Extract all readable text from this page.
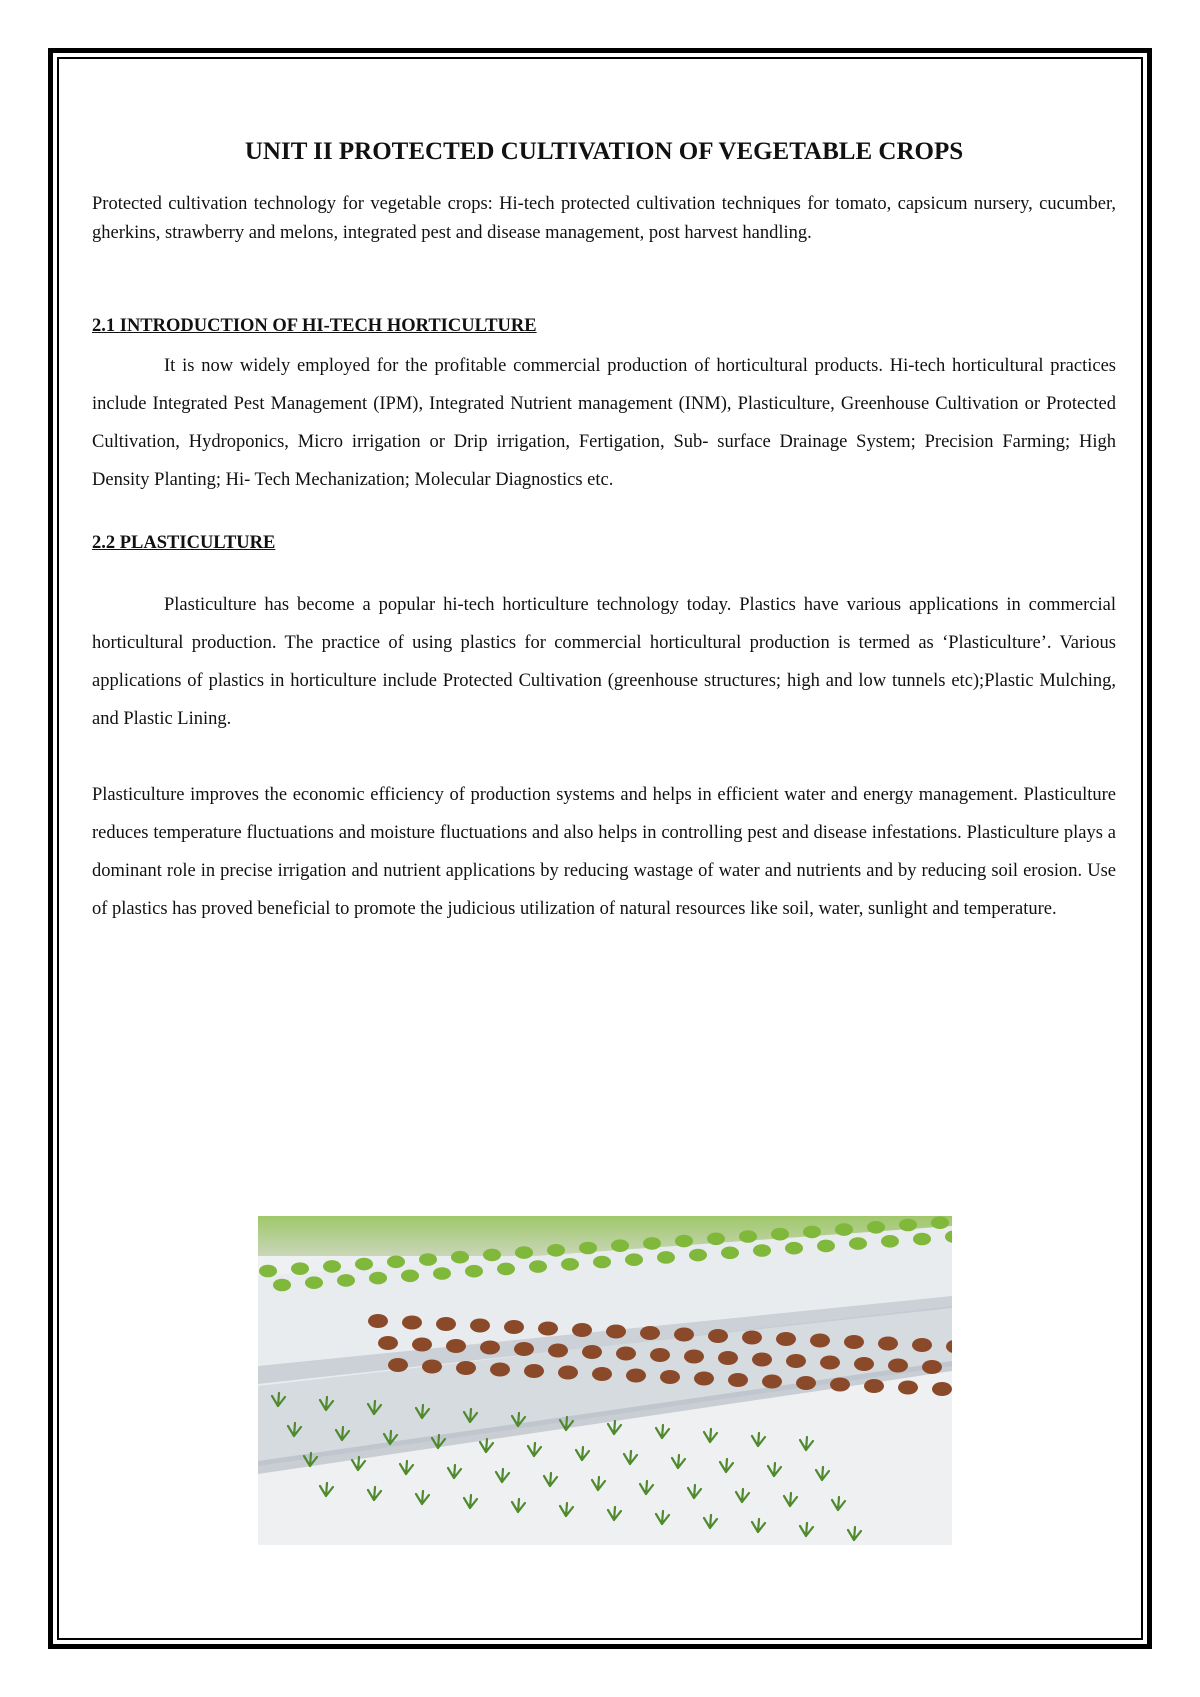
UNIT II PROTECTED CULTIVATION OF VEGETABLE CROPS

Protected cultivation technology for vegetable crops: Hi-tech protected cultivation techniques for tomato, capsicum nursery, cucumber, gherkins, strawberry and melons, integrated pest and disease management, post harvest handling.

2.1 INTRODUCTION OF HI-TECH HORTICULTURE

It is now widely employed for the profitable commercial production of horticultural products. Hi-tech horticultural practices include Integrated Pest Management (IPM), Integrated Nutrient management (INM), Plasticulture, Greenhouse Cultivation or Protected Cultivation, Hydroponics, Micro irrigation or Drip irrigation, Fertigation, Sub- surface Drainage System; Precision Farming; High Density Planting; Hi- Tech Mechanization; Molecular Diagnostics etc.

2.2 PLASTICULTURE

Plasticulture has become a popular hi-tech horticulture technology today. Plastics have various applications in commercial horticultural production. The practice of using plastics for commercial horticultural production is termed as ‘Plasticulture’. Various applications of plastics in horticulture include Protected Cultivation (greenhouse structures; high and low tunnels etc);Plastic Mulching, and Plastic Lining.

Plasticulture improves the economic efficiency of production systems and helps in efficient water and energy management. Plasticulture reduces temperature fluctuations and moisture fluctuations and also helps in controlling pest and disease infestations. Plasticulture plays a dominant role in precise irrigation and nutrient applications by reducing wastage of water and nutrients and by reducing soil erosion. Use of plastics has proved beneficial to promote the judicious utilization of natural resources like soil, water, sunlight and temperature.
